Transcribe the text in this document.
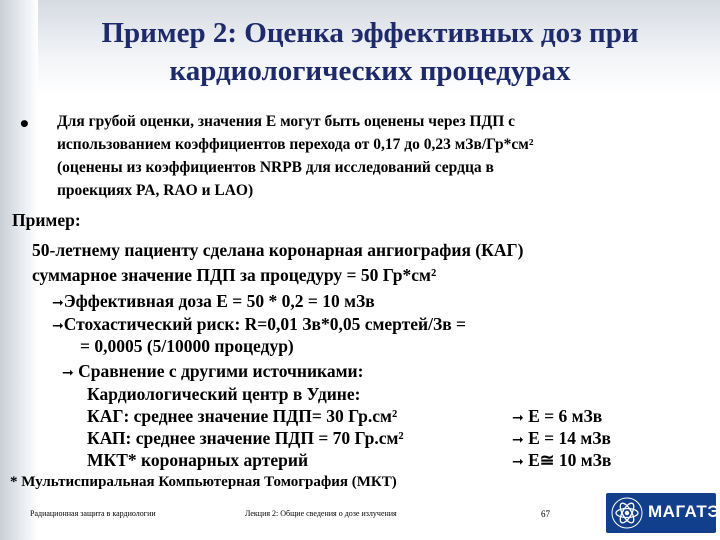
Пример 2: Оценка эффективных доз при
кардиологических процедурах
• Для грубой оценки, значения Е могут быть оценены через ПДП с
использованием коэффициентов перехода от 0,17 до 0,23 мЗв/Гр*см²
(оценены из коэффициентов NRPB для исследований сердца в
проекциях PA, RAO и LAO)
Пример:
50-летнему пациенту сделана коронарная ангиография (КАГ)
суммарное значение ПДП за процедуру = 50 Гр*см²
➞Эффективная доза Е = 50 * 0,2 = 10 мЗв
➞Стохастический риск: R=0,01 Зв*0,05 смертей/Зв =
= 0,0005 (5/10000 процедур)
➞ Сравнение с другими источниками:
Кардиологический центр в Удине:
КАГ: среднее значение ПДП= 30 Гр.см²	➞ E = 6 мЗв
КАП: среднее значение ПДП = 70 Гр.см²	➞ E = 14 мЗв
МКТ* коронарных артерий	➞ E≅ 10 мЗв
* Мультиспиральная Компьютерная Томография (МКТ)
Радиационная защита в кардиологии	Лекция 2: Общие сведения о дозе излучения	67	МАГАТЭ
